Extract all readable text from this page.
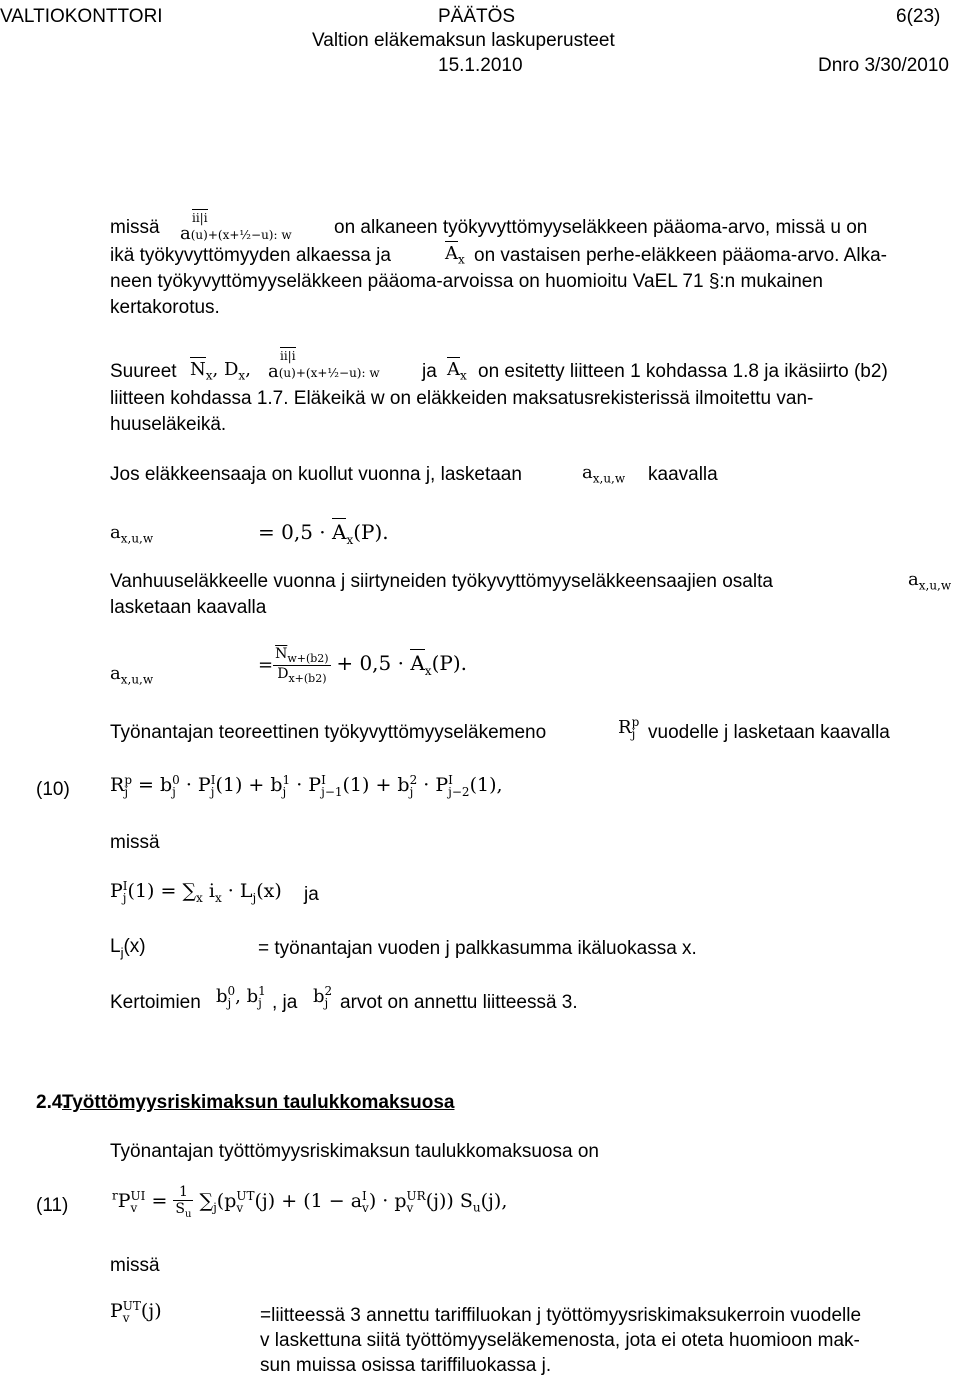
VALTIOKONTTORI	PÄÄTÖS	6(23)
Valtion eläkemaksun laskuperusteet
15.1.2010	Dnro 3/30/2010
missä	ii|i
a(u)+(x+½−u): w on alkaneen työkyvyttömyyseläkkeen pääoma-arvo, missä u on
ikä työkyvyttömyyden alkaessa ja	$A_x$ on vastaisen perhe-eläkkeen pääoma-arvo. Alka-
neen työkyvyttömyyseläkkeen pääoma-arvoissa on huomioitu VaEL 71 §:n mukainen
kertakorotus.
Suureet $N_x$, $D_x$,
ii|i
a(u)+(x+½−u): w ja $A_x$ on esitetty liitteen 1 kohdassa 1.8 ja ikäsiirto (b2)
liitteen kohdassa 1.7. Eläkeikä w on eläkkeiden maksatusrekisterissä ilmoitettu van-
huuseläkeikä.
Jos eläkkeensaaja on kuollut vuonna j, lasketaan	$a_{x,u,w}$ kaavalla
$a_{x,u,w}$	= $0,5 \cdot A_x(P)$.
Vanhuuseläkkeelle vuonna j siirtyneiden työkyvyttömyyseläkkeensaajien osalta	$a_{x,u,w}$
lasketaan kaavalla
$a_{x,u,w}$
= $\frac{\overline{N}_{w+(b2)}}{D_{x+(b2)}} + 0,5 \cdot A_x(P)$.
Työnantajan teoreettinen työkyvyttömyyseläkemeno	R p
j vuodelle j lasketaan kaavalla
(10) R p
j = b 0
j · P I
j (1) + b 1
j · P I
j−1 (1) + b 2
j · P I
j−2 (1),
missä
P I
j $(1) = \sum_x$ $i_x \cdot L_j(x)$ ja
$L_j(x)$	= työnantajan vuoden j palkkasumma ikäluokassa x.
Kertoimien b 0
j , b 1
j , ja b 2
j arvot on annettu liitteessä 3.
2.4.
Työttömyysriskimaksun taulukkomaksuosa
Työnantajan työttömyysriskimaksun taulukkomaksuosa on
(11)	$^r$P UI
$v = \frac{1}{S_u} \sum_j(p$ UT
v (j) + (1 − a I
v ) · p UR
v (j)) $S_u(j)$,
missä
P UT
v (j)	=liitteessä 3 annettu tariffiluokan j työttömyysriskimaksukerroin vuodelle
v laskettuna siitä työttömyyseläkemenosta, jota ei oteta huomioon mak-
sun muissa osissa tariffiluokassa j.
